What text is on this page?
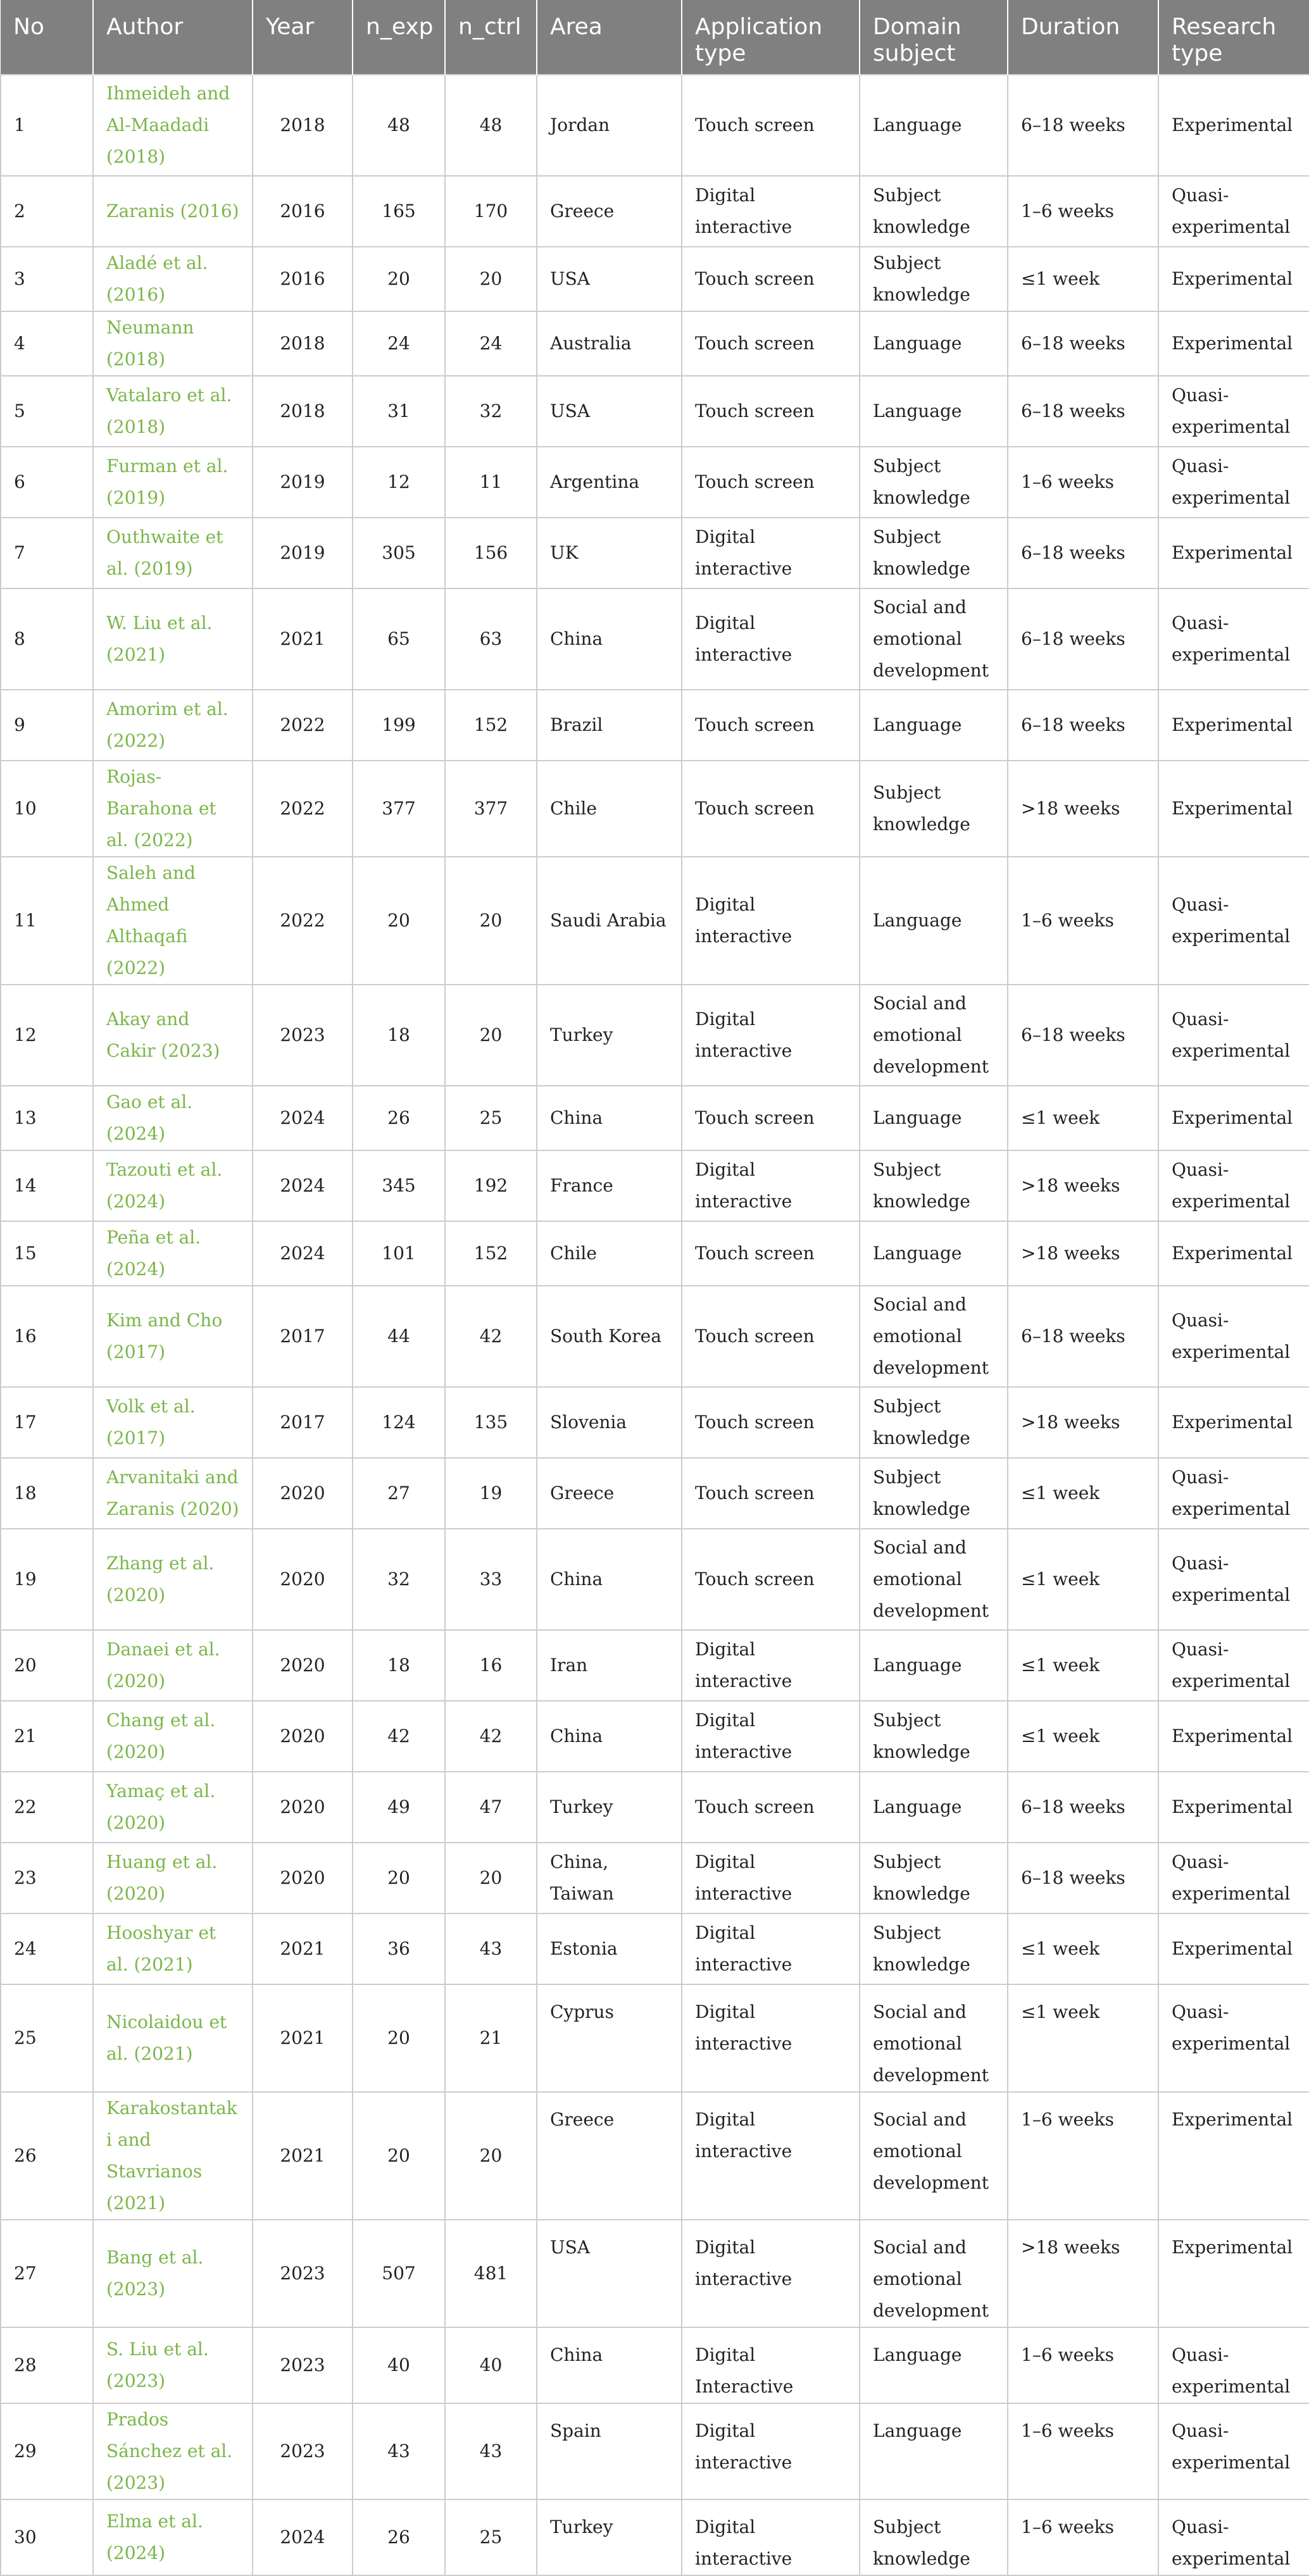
No	Author	Year	n_exp	n_ctrl	Area	Application type	Domain subject	Duration	Research type
1	Ihmeideh and Al-Maadadi (2018)	2018	48	48	Jordan	Touch screen	Language	6–18 weeks	Experimental
2	Zaranis (2016)	2016	165	170	Greece	Digital interactive	Subject knowledge	1–6 weeks	Quasi-experimental
3	Aladé et al. (2016)	2016	20	20	USA	Touch screen	Subject knowledge	≤1 week	Experimental
4	Neumann (2018)	2018	24	24	Australia	Touch screen	Language	6–18 weeks	Experimental
5	Vatalaro et al. (2018)	2018	31	32	USA	Touch screen	Language	6–18 weeks	Quasi-experimental
6	Furman et al. (2019)	2019	12	11	Argentina	Touch screen	Subject knowledge	1–6 weeks	Quasi-experimental
7	Outhwaite et al. (2019)	2019	305	156	UK	Digital interactive	Subject knowledge	6–18 weeks	Experimental
8	W. Liu et al. (2021)	2021	65	63	China	Digital interactive	Social and emotional development	6–18 weeks	Quasi-experimental
9	Amorim et al. (2022)	2022	199	152	Brazil	Touch screen	Language	6–18 weeks	Experimental
10	Rojas-Barahona et al. (2022)	2022	377	377	Chile	Touch screen	Subject knowledge	>18 weeks	Experimental
11	Saleh and Ahmed Althaqafi (2022)	2022	20	20	Saudi Arabia	Digital interactive	Language	1–6 weeks	Quasi-experimental
12	Akay and Cakir (2023)	2023	18	20	Turkey	Digital interactive	Social and emotional development	6–18 weeks	Quasi-experimental
13	Gao et al. (2024)	2024	26	25	China	Touch screen	Language	≤1 week	Experimental
14	Tazouti et al. (2024)	2024	345	192	France	Digital interactive	Subject knowledge	>18 weeks	Quasi-experimental
15	Peña et al. (2024)	2024	101	152	Chile	Touch screen	Language	>18 weeks	Experimental
16	Kim and Cho (2017)	2017	44	42	South Korea	Touch screen	Social and emotional development	6–18 weeks	Quasi-experimental
17	Volk et al. (2017)	2017	124	135	Slovenia	Touch screen	Subject knowledge	>18 weeks	Experimental
18	Arvanitaki and Zaranis (2020)	2020	27	19	Greece	Touch screen	Subject knowledge	≤1 week	Quasi-experimental
19	Zhang et al. (2020)	2020	32	33	China	Touch screen	Social and emotional development	≤1 week	Quasi-experimental
20	Danaei et al. (2020)	2020	18	16	Iran	Digital interactive	Language	≤1 week	Quasi-experimental
21	Chang et al. (2020)	2020	42	42	China	Digital interactive	Subject knowledge	≤1 week	Experimental
22	Yamaç et al. (2020)	2020	49	47	Turkey	Touch screen	Language	6–18 weeks	Experimental
23	Huang et al. (2020)	2020	20	20	China, Taiwan	Digital interactive	Subject knowledge	6–18 weeks	Quasi-experimental
24	Hooshyar et al. (2021)	2021	36	43	Estonia	Digital interactive	Subject knowledge	≤1 week	Experimental
25	Nicolaidou et al. (2021)	2021	20	21	Cyprus	Digital interactive	Social and emotional development	≤1 week	Quasi-experimental
26	Karakostantaki and Stavrianos (2021)	2021	20	20	Greece	Digital interactive	Social and emotional development	1–6 weeks	Experimental
27	Bang et al. (2023)	2023	507	481	USA	Digital interactive	Social and emotional development	>18 weeks	Experimental
28	S. Liu et al. (2023)	2023	40	40	China	Digital Interactive	Language	1–6 weeks	Quasi-experimental
29	Prados Sánchez et al. (2023)	2023	43	43	Spain	Digital interactive	Language	1–6 weeks	Quasi-experimental
30	Elma et al. (2024)	2024	26	25	Turkey	Digital interactive	Subject knowledge	1–6 weeks	Quasi-experimental
